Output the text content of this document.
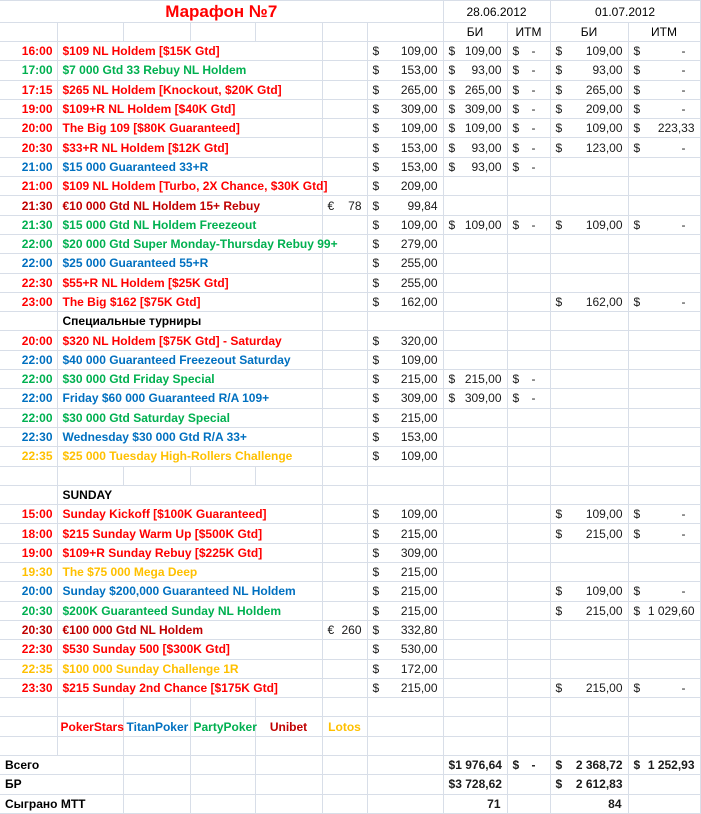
Марафон №7							28.06.2012		01.07.2012	
							БИ	ИТМ	БИ	ИТМ
16:00	$109 NL Holdem [$15K Gtd]					$ 109,00	$ 109,00	$ -	$ 109,00	$ -

17:00	$7 000 Gtd 33 Rebuy NL Holdem					$ 153,00	$ 93,00	$ -	$ 93,00	$ -

17:15	$265 NL Holdem [Knockout, $20K Gtd]					$ 265,00	$ 265,00	$ -	$ 265,00	$ -

19:00	$109+R NL Holdem [$40K Gtd]					$ 309,00	$ 309,00	$ -	$ 209,00	$ -

20:00	The Big 109 [$80K Guaranteed]					$ 109,00	$ 109,00	$ -	$ 109,00	$ 223,33

20:30	$33+R NL Holdem [$12K Gtd]					$ 153,00	$ 93,00	$ -	$ 123,00	$ -

21:00	$15 000 Guaranteed 33+R					$ 153,00	$ 93,00	$ -		

21:00	$109 NL Holdem [Turbo, 2X Chance, $30K Gtd]					$ 209,00				

21:30	€10 000 Gtd NL Holdem 15+ Rebuy				€ 78	$ 99,84				

21:30	$15 000 Gtd NL Holdem Freezeout					$ 109,00	$ 109,00	$ -	$ 109,00	$ -

22:00	$20 000 Gtd Super Monday-Thursday Rebuy 99+					$ 279,00				

22:00	$25 000 Guaranteed 55+R					$ 255,00				

22:30	$55+R NL Holdem [$25K Gtd]					$ 255,00				

23:00	The Big $162 [$75K Gtd]					$ 162,00			$ 162,00	$ -

	Специальные турниры									
20:00	$320 NL Holdem [$75K Gtd] - Saturday					$ 320,00				

22:00	$40 000 Guaranteed Freezeout Saturday					$ 109,00				

22:00	$30 000 Gtd Friday Special					$ 215,00	$ 215,00	$ -		

22:00	Friday $60 000 Guaranteed R/A 109+					$ 309,00	$ 309,00	$ -		

22:00	$30 000 Gtd Saturday Special					$ 215,00				

22:30	Wednesday $30 000 Gtd R/A 33+					$ 153,00				

22:35	$25 000 Tuesday High-Rollers Challenge					$ 109,00				

	SUNDAY									
15:00	Sunday Kickoff [$100K Guaranteed]					$ 109,00			$ 109,00	$ -

18:00	$215 Sunday Warm Up [$500K Gtd]					$ 215,00			$ 215,00	$ -

19:00	$109+R Sunday Rebuy [$225K Gtd]					$ 309,00				

19:30	The $75 000 Mega Deep					$ 215,00				

20:00	Sunday $200,000 Guaranteed NL Holdem					$ 215,00			$ 109,00	$ -

20:30	$200K Guaranteed Sunday NL Holdem					$ 215,00			$ 215,00	$ 1 029,60

20:30	€100 000 Gtd NL Holdem				€ 260	$ 332,80				

22:30	$530 Sunday 500 [$300K Gtd]					$ 530,00				

22:35	$100 000 Sunday Challenge 1R					$ 172,00				

23:30	$215 Sunday 2nd Chance [$175K Gtd]					$ 215,00			$ 215,00	$ -

	PokerStars	TitanPoker	PartyPoker	Unibet	Lotos					

Всего							$ 1 976,64	$ -	$ 2 368,72	$ 1 252,93

БР							$ 3 728,62		$ 2 612,83	

Сыграно МТТ							71		84	
